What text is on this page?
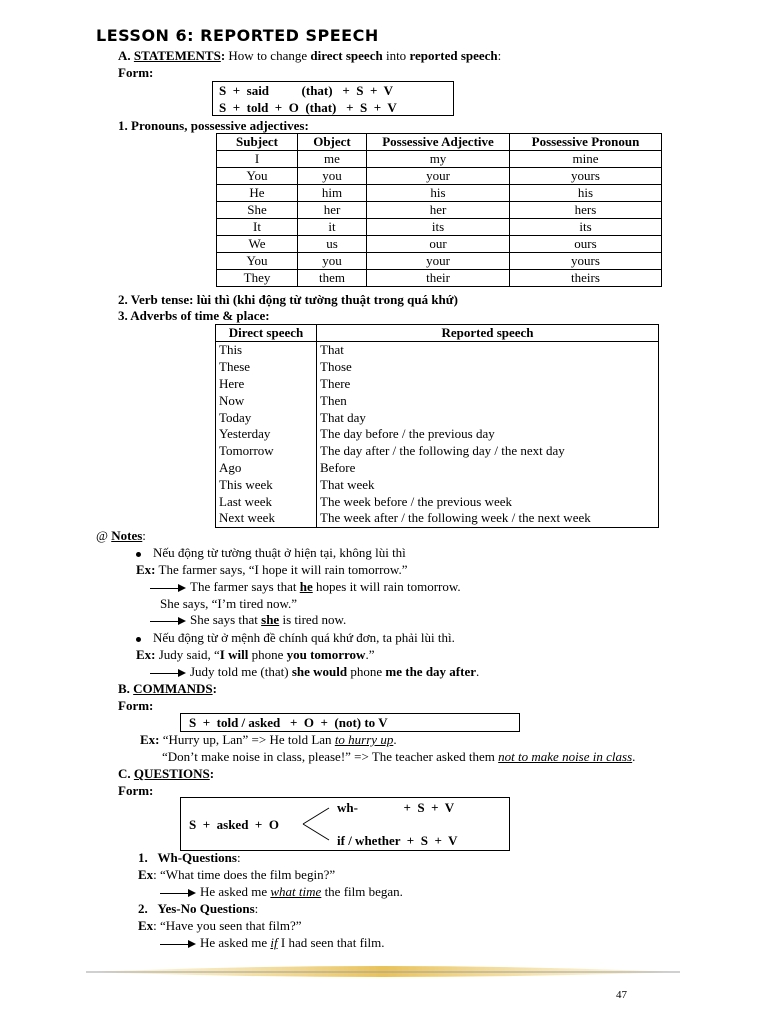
LESSON 6: REPORTED SPEECH
A. STATEMENTS: How to change direct speech into reported speech:
Form:
S  +  said          (that)   +  S  +  V
S  +  told  +  O  (that)   +  S  +  V
1. Pronouns, possessive adjectives:
Subject	Object	Possessive Adjective	Possessive Pronoun
I	me	my	mine
You	you	your	yours
He	him	his	his
She	her	her	hers
It	it	its	its
We	us	our	ours
You	you	your	yours
They	them	their	theirs
2. Verb tense: lùi thì (khi động từ tường thuật trong quá khứ)
3. Adverbs of time & place:
Direct speech	Reported speech
This	That
These	Those
Here	There
Now	Then
Today	That day
Yesterday	The day before / the previous day
Tomorrow	The day after / the following day / the next day
Ago	Before
This week	That week
Last week	The week before / the previous week
Next week	The week after / the following week / the next week
@ Notes:
Nếu động từ tường thuật ở hiện tại, không lùi thì
Ex: The farmer says, “I hope it will rain tomorrow.”
The farmer says that he hopes it will rain tomorrow.
She says, “I’m tired now.”
She says that she is tired now.
Nếu động từ ở mệnh đề chính quá khứ đơn, ta phải lùi thì.
Ex: Judy said, “I will phone you tomorrow.”
Judy told me (that) she would phone me the day after.
B. COMMANDS:
Form:
S  +  told / asked   +  O  +  (not) to V
Ex: “Hurry up, Lan” => He told Lan to hurry up.
“Don’t make noise in class, please!” => The teacher asked them not to make noise in class.
C. QUESTIONS:
Form:
S  +  asked  +  O
wh-              +  S  +  V
if / whether  +  S  +  V
1. Wh-Questions:
Ex: “What time does the film begin?”
He asked me what time the film began.
2. Yes-No Questions:
Ex: “Have you seen that film?”
He asked me if I had seen that film.
47
